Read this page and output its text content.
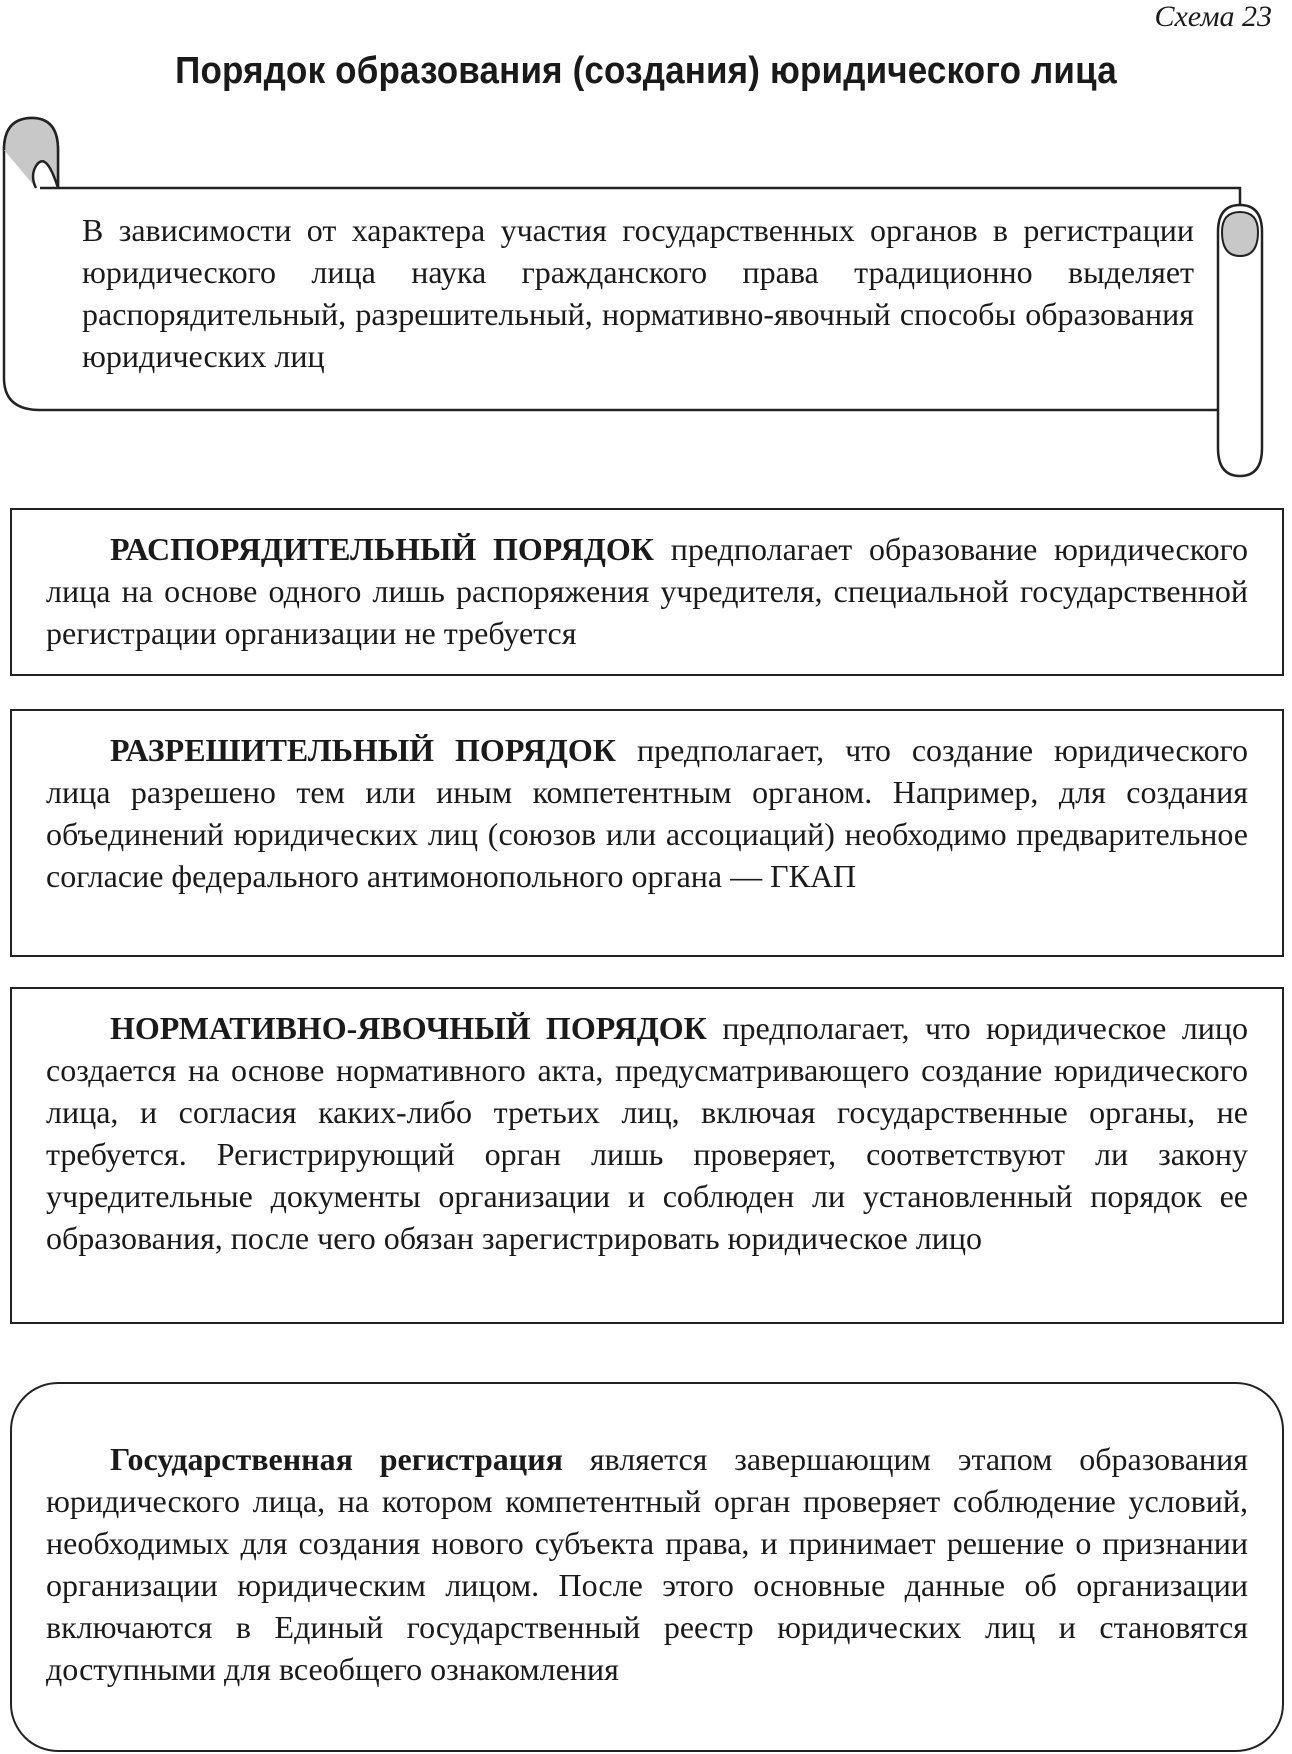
Схема 23
Порядок образования (создания) юридического лица
В зависимости от характера участия государственных органов в регистрации юридического лица наука гражданского права традиционно выделяет распорядительный, разрешительный, нормативно-явочный способы образования юридических лиц

РАСПОРЯДИТЕЛЬНЫЙ ПОРЯДОК предполагает образование юридического лица на основе одного лишь распоряжения учредителя, специальной государственной регистрации организации не требуется

РАЗРЕШИТЕЛЬНЫЙ ПОРЯДОК предполагает, что создание юридического лица разрешено тем или иным компетентным органом. Например, для создания объединений юридических лиц (союзов или ассоциаций) необходимо предварительное согласие федерального антимонопольного органа — ГКАП

НОРМАТИВНО-ЯВОЧНЫЙ ПОРЯДОК предполагает, что юридическое лицо создается на основе нормативного акта, предусматривающего создание юридического лица, и согласия каких-либо третьих лиц, включая государственные органы, не требуется. Регистрирующий орган лишь проверяет, соответствуют ли закону учредительные документы организации и соблюден ли установленный порядок ее образования, после чего обязан зарегистрировать юридическое лицо

Государственная регистрация является завершающим этапом образования юридического лица, на котором компетентный орган проверяет соблюдение условий, необходимых для создания нового субъекта права, и принимает решение о признании организации юридическим лицом. После этого основные данные об организации включаются в Единый государственный реестр юридических лиц и становятся доступными для всеобщего ознакомления
